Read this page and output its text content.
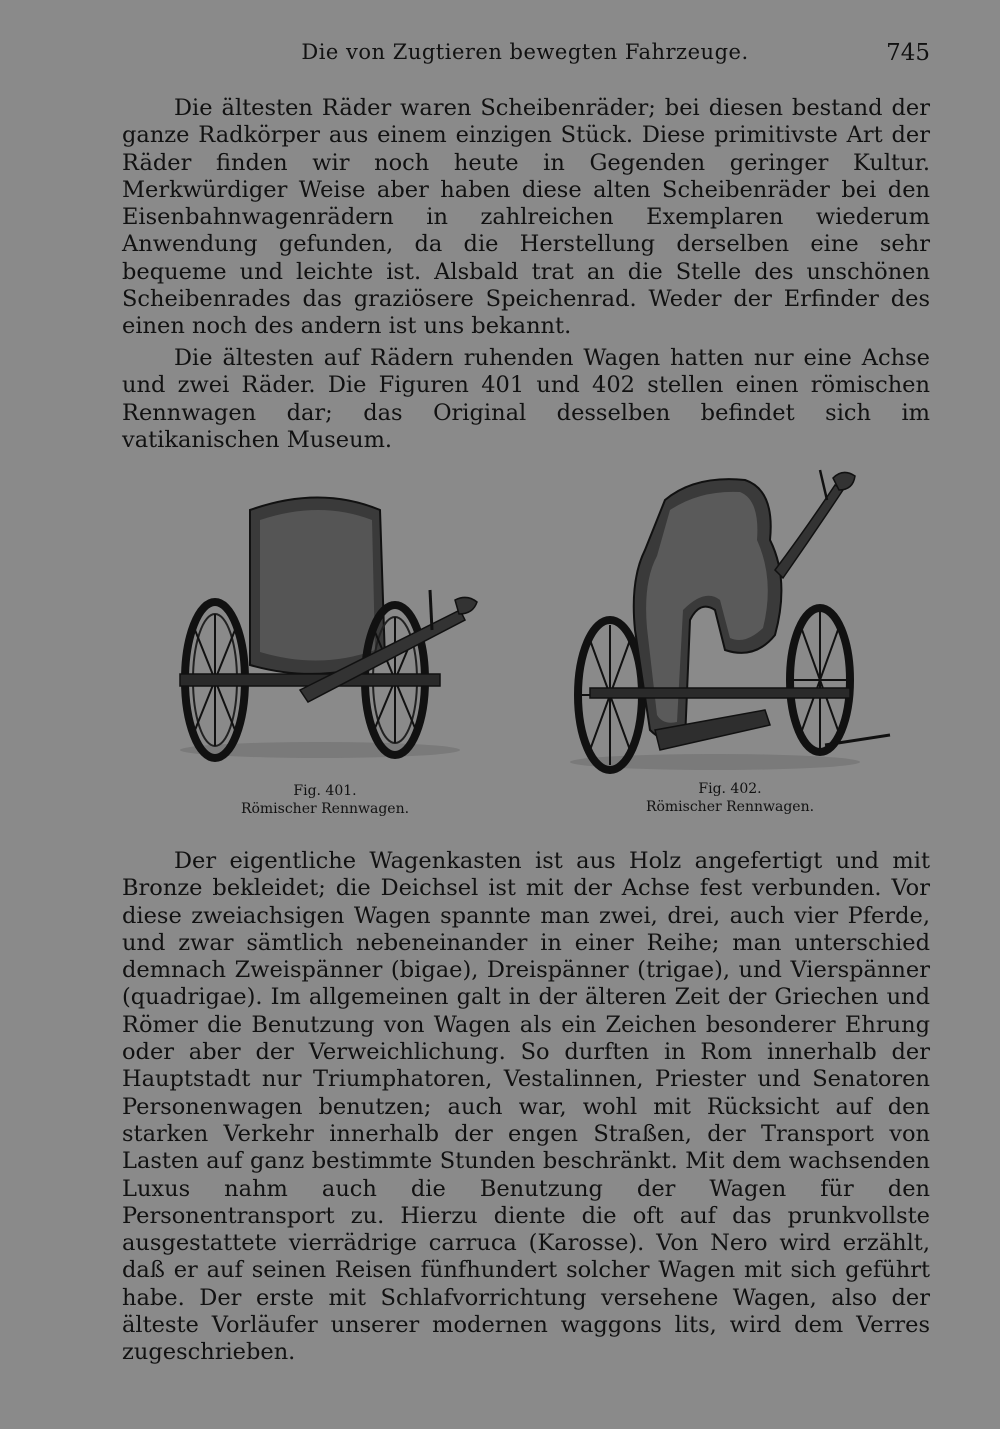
Die von Zugtieren bewegten Fahrzeuge.	745

Die ältesten Räder waren Scheibenräder; bei diesen bestand der ganze Radkörper aus einem einzigen Stück. Diese primitivste Art der Räder finden wir noch heute in Gegenden geringer Kultur. Merkwürdiger Weise aber haben diese alten Scheibenräder bei den Eisenbahnwagenrädern in zahlreichen Exemplaren wiederum Anwendung gefunden, da die Herstellung derselben eine sehr bequeme und leichte ist. Alsbald trat an die Stelle des unschönen Scheibenrades das graziösere Speichenrad. Weder der Erfinder des einen noch des andern ist uns bekannt.

Die ältesten auf Rädern ruhenden Wagen hatten nur eine Achse und zwei Räder. Die Figuren 401 und 402 stellen einen römischen Rennwagen dar; das Original desselben befindet sich im vatikanischen Museum.

Fig. 401.
Römischer Rennwagen.
Fig. 402.
Römischer Rennwagen.

Der eigentliche Wagenkasten ist aus Holz angefertigt und mit Bronze bekleidet; die Deichsel ist mit der Achse fest verbunden. Vor diese zweiachsigen Wagen spannte man zwei, drei, auch vier Pferde, und zwar sämtlich nebeneinander in einer Reihe; man unterschied demnach Zweispänner (bigae), Dreispänner (trigae), und Vierspänner (quadrigae). Im allgemeinen galt in der älteren Zeit der Griechen und Römer die Benutzung von Wagen als ein Zeichen besonderer Ehrung oder aber der Verweichlichung. So durften in Rom innerhalb der Hauptstadt nur Triumphatoren, Vestalinnen, Priester und Senatoren Personenwagen benutzen; auch war, wohl mit Rücksicht auf den starken Verkehr innerhalb der engen Straßen, der Transport von Lasten auf ganz bestimmte Stunden beschränkt. Mit dem wachsenden Luxus nahm auch die Benutzung der Wagen für den Personentransport zu. Hierzu diente die oft auf das prunkvollste ausgestattete vierrädrige carruca (Karosse). Von Nero wird erzählt, daß er auf seinen Reisen fünfhundert solcher Wagen mit sich geführt habe. Der erste mit Schlafvorrichtung versehene Wagen, also der älteste Vorläufer unserer modernen waggons lits, wird dem Verres zugeschrieben.
